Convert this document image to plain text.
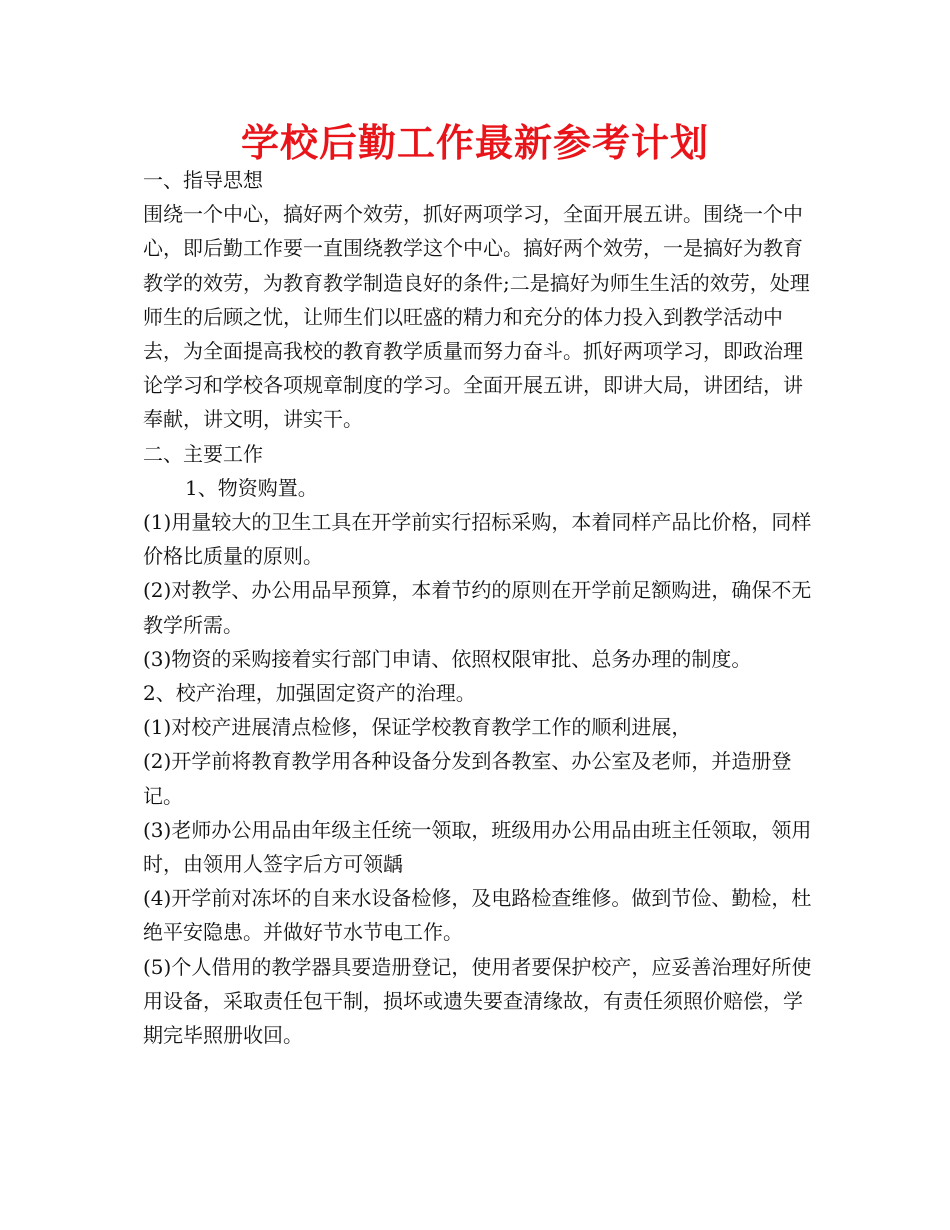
学校后勤工作最新参考计划

一、指导思想

围绕一个中心，搞好两个效劳，抓好两项学习，全面开展五讲。围绕一个中心，即后勤工作要一直围绕教学这个中心。搞好两个效劳，一是搞好为教育教学的效劳，为教育教学制造良好的条件;二是搞好为师生生活的效劳，处理师生的后顾之忧，让师生们以旺盛的精力和充分的体力投入到教学活动中去，为全面提高我校的教育教学质量而努力奋斗。抓好两项学习，即政治理论学习和学校各项规章制度的学习。全面开展五讲，即讲大局，讲团结，讲奉献，讲文明，讲实干。

二、主要工作

1、物资购置。

(1)用量较大的卫生工具在开学前实行招标采购，本着同样产品比价格，同样价格比质量的原则。

(2)对教学、办公用品早预算，本着节约的原则在开学前足额购进，确保不无教学所需。

(3)物资的采购接着实行部门申请、依照权限审批、总务办理的制度。

2、校产治理，加强固定资产的治理。

(1)对校产进展清点检修，保证学校教育教学工作的顺利进展，

(2)开学前将教育教学用各种设备分发到各教室、办公室及老师，并造册登记。

(3)老师办公用品由年级主任统一领取，班级用办公用品由班主任领取，领用时，由领用人签字后方可领龋

(4)开学前对冻坏的自来水设备检修，及电路检查维修。做到节俭、勤检，杜绝平安隐患。并做好节水节电工作。

(5)个人借用的教学器具要造册登记，使用者要保护校产，应妥善治理好所使用设备，采取责任包干制，损坏或遗失要查清缘故，有责任须照价赔偿，学期完毕照册收回。
